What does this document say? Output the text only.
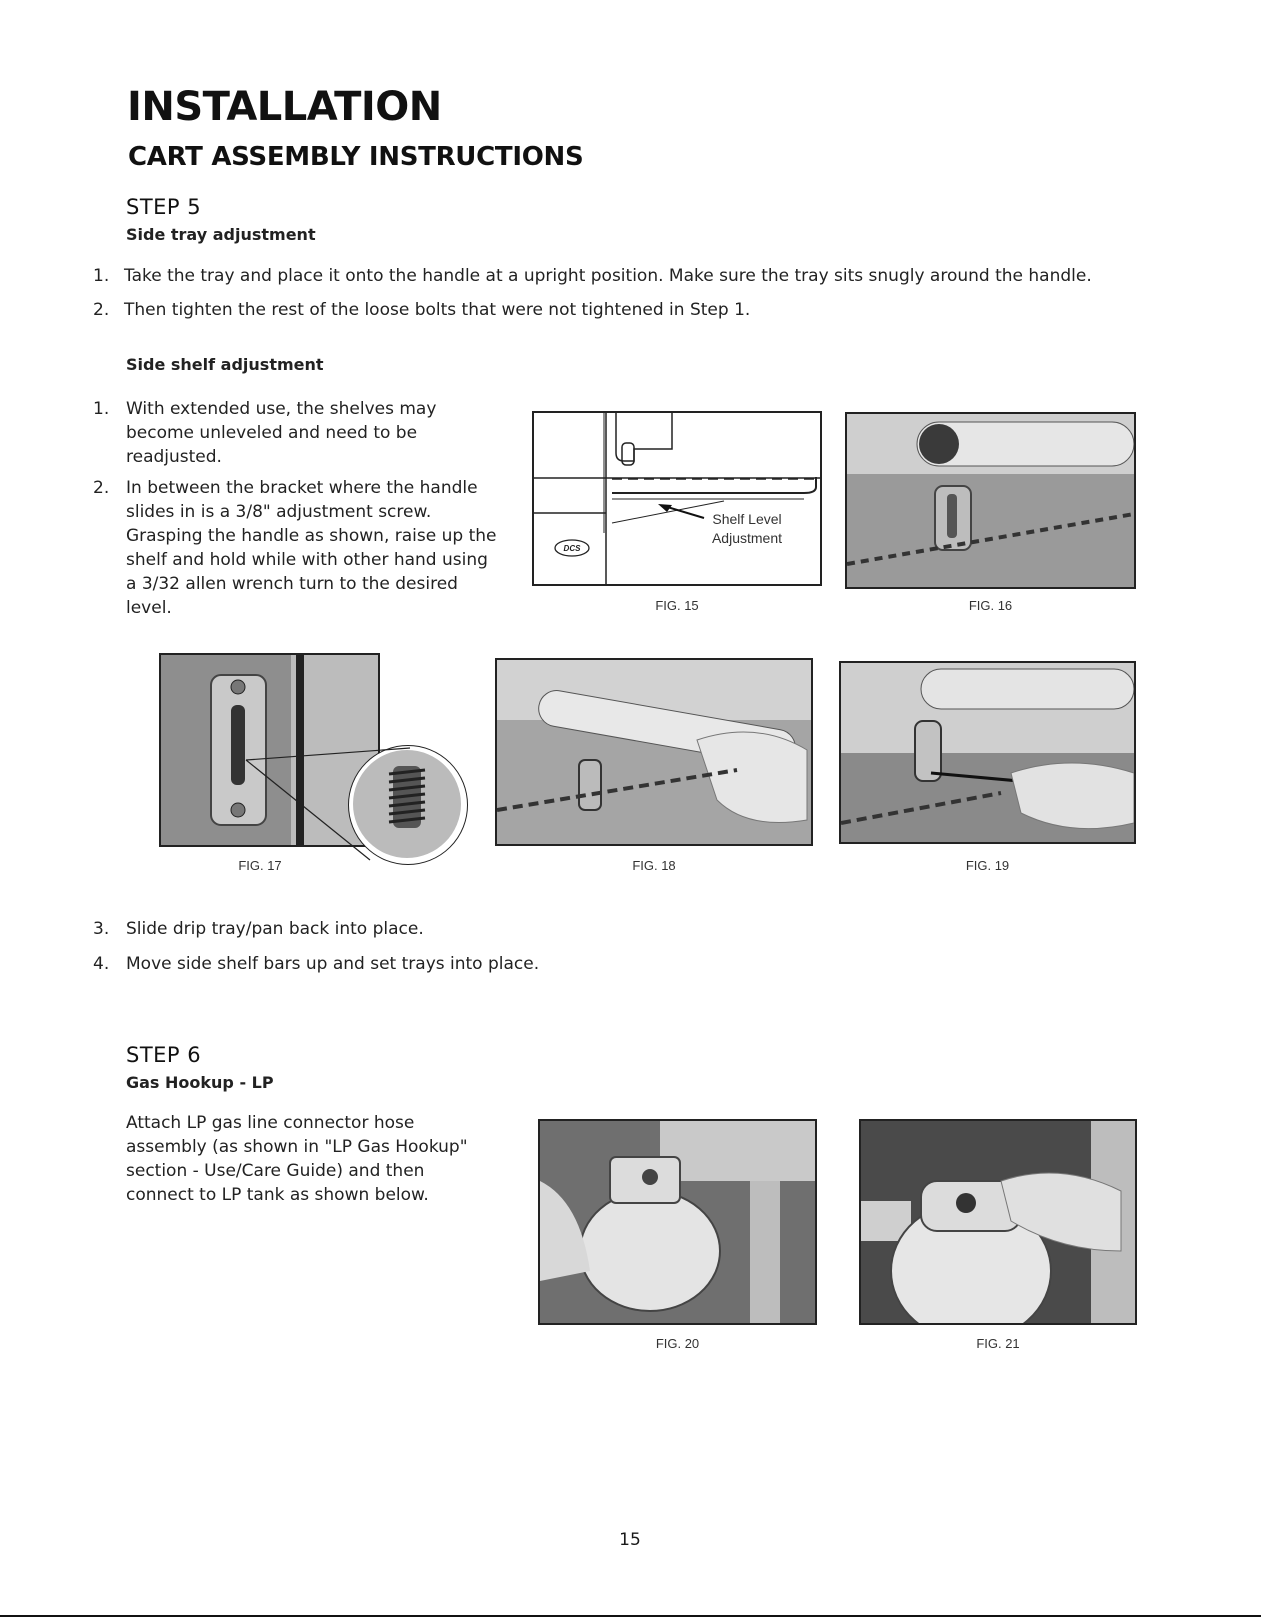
INSTALLATION
CART ASSEMBLY INSTRUCTIONS
STEP 5
Side tray adjustment
1. Take the tray and place it onto the handle at a upright position. Make sure the tray sits snugly around the handle.
2. Then tighten the rest of the loose bolts that were not tightened in Step 1.
Side shelf adjustment
1. With extended use, the shelves may
become unleveled and need to be
readjusted.
2. In between the bracket where the handle
slides in is a 3/8" adjustment screw.
Grasping the handle as shown, raise up the
shelf and hold while with other hand using
a 3/32 allen wrench turn to the desired
level.
DCS
Shelf Level
Adjustment
FIG. 15	FIG. 16
FIG. 17	FIG. 18	FIG. 19
3. Slide drip tray/pan back into place.
4. Move side shelf bars up and set trays into place.
STEP 6
Gas Hookup - LP
Attach LP gas line connector hose
assembly (as shown in "LP Gas Hookup"
section - Use/Care Guide) and then
connect to LP tank as shown below.
FIG. 20	FIG. 21
15
